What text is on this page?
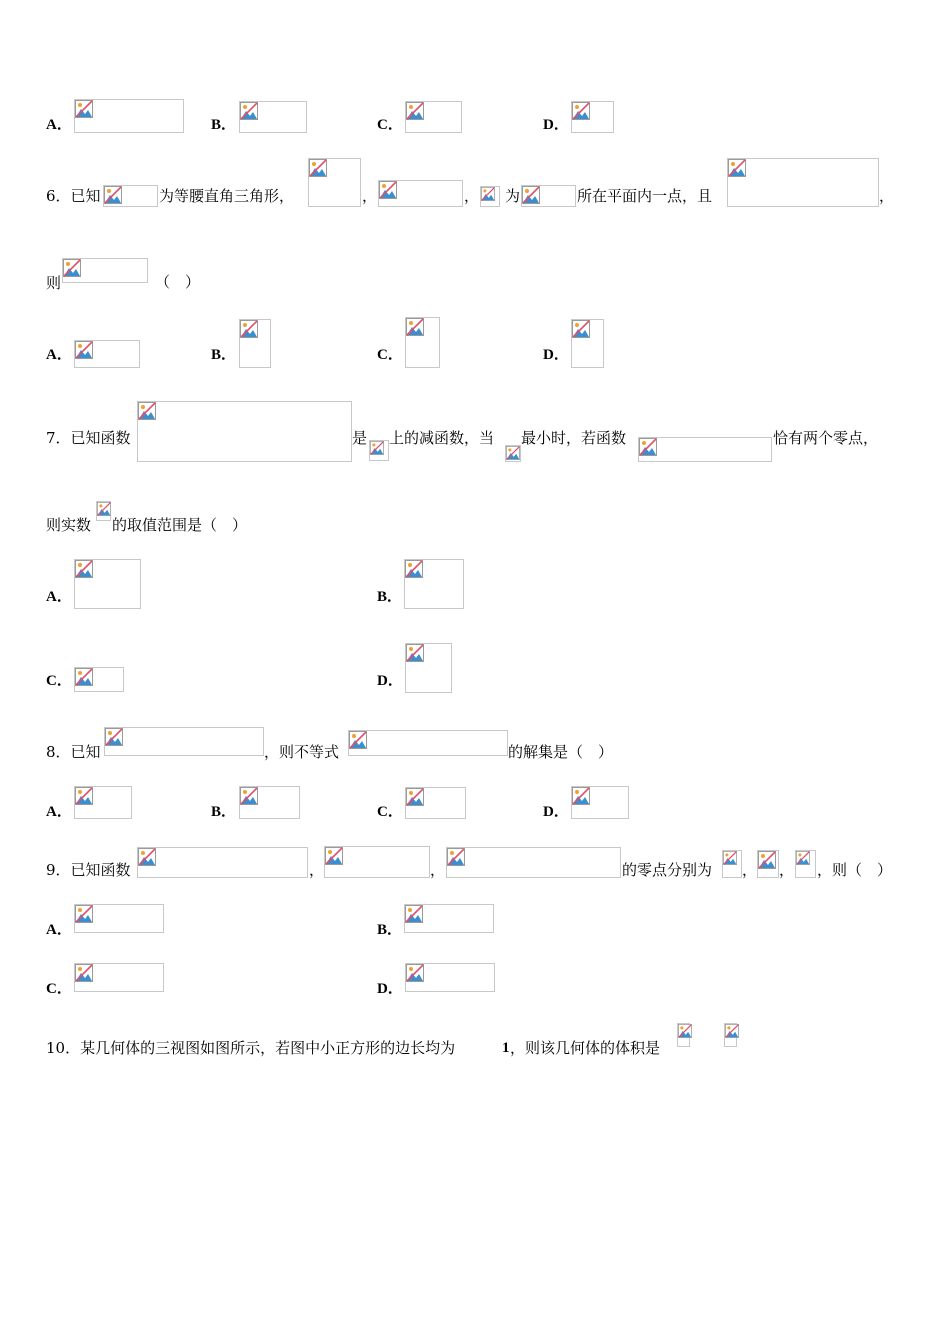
A．	B．	C．	D．
6．已知	为等腰直角三角形，	，	， 为	所在平面内一点，且	，
则	（　）
A．	B．	C．	D．
7．已知函数	是 上的减函数，当 最小时，若函数	恰有两个零点，
则实数 的取值范围是（　）
A．	B．
C．	D．
8．已知	，则不等式	的解集是（　）
A．	B．	C．	D．
9．已知函数	，	，	的零点分别为 ， ， ，则（　）
A．	B．
C．	D．
10．某几何体的三视图如图所示，若图中小正方形的边长均为	1 ，则该几何体的体积是
